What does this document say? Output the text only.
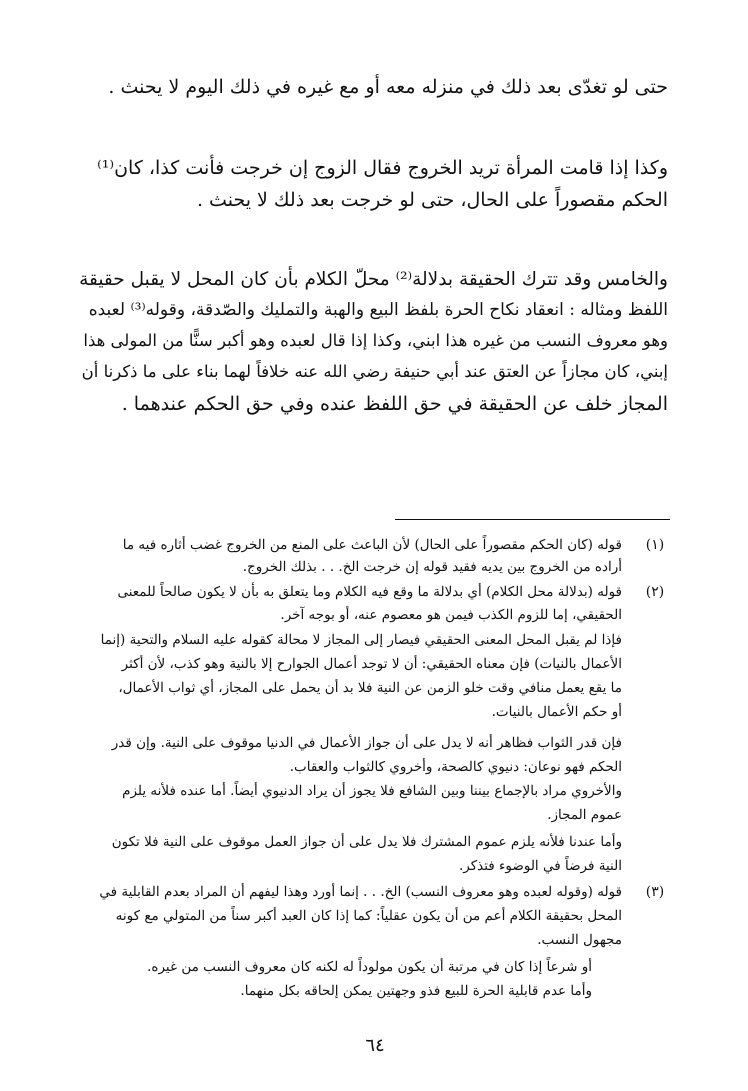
حتى لو تغدّى بعد ذلك في منزله معه أو مع غيره في ذلك اليوم لا يحنث .
وكذا إذا قامت المرأة تريد الخروج فقال الزوج إن خرجت فأنت كذا، كان⁽¹⁾
الحكم مقصوراً على الحال، حتى لو خرجت بعد ذلك لا يحنث .
والخامس وقد تترك الحقيقة بدلالة⁽²⁾ محلّ الكلام بأن كان المحل لا يقبل حقيقة
اللفظ ومثاله : انعقاد نكاح الحرة بلفظ البيع والهبة والتمليك والصّدقة، وقوله⁽³⁾ لعبده
وهو معروف النسب من غيره هذا ابني، وكذا إذا قال لعبده وهو أكبر سنًّا من المولى هذا
إبني، كان مجازاً عن العتق عند أبي حنيفة رضي الله عنه خلافاً لهما بناء على ما ذكرنا أن
المجاز خلف عن الحقيقة في حق اللفظ عنده وفي حق الحكم عندهما .
(١)
قوله (كان الحكم مقصوراً على الحال) لأن الباعث على المنع من الخروج غضب أثاره فيه ما
أراده من الخروج بين يديه فقيد قوله إن خرجت الخ. . . بذلك الخروج.
(٢)
قوله (بدلالة محل الكلام) أي بدلالة ما وقع فيه الكلام وما يتعلق به بأن لا يكون صالحاً للمعنى
الحقيقي، إما للزوم الكذب فيمن هو معصوم عنه، أو بوجه آخر.
فإذا لم يقبل المحل المعنى الحقيقي فيصار إلى المجاز لا محالة كقوله عليه السلام والتحية (إنما
الأعمال بالنيات) فإن معناه الحقيقي: أن لا توجد أعمال الجوارح إلا بالنية وهو كذب، لأن أكثر
ما يقع يعمل منافي وقت خلو الزمن عن النية فلا بد أن يحمل على المجاز، أي ثواب الأعمال،
أو حكم الأعمال بالنيات.
فإن قدر الثواب فظاهر أنه لا يدل على أن جواز الأعمال في الدنيا موقوف على النية. وإن قدر
الحكم فهو نوعان: دنيوي كالصحة، وأخروي كالثواب والعقاب.
والأخروي مراد بالإجماع بيننا وبين الشافع فلا يجوز أن يراد الدنيوي أيضاً. أما عنده فلأنه يلزم
عموم المجاز.
وأما عندنا فلأنه يلزم عموم المشترك فلا يدل على أن جواز العمل موقوف على النية فلا تكون
النية فرضاً في الوضوء فتذكر.
(٣)
قوله (وقوله لعبده وهو معروف النسب) الخ. . . إنما أورد وهذا ليفهم أن المراد بعدم القابلية في
المحل بحقيقة الكلام أعم من أن يكون عقلياً: كما إذا كان العبد أكبر سناً من المتولي مع كونه
مجهول النسب.
أو شرعاً إذا كان في مرتبة أن يكون مولوداً له لكنه كان معروف النسب من غيره.
وأما عدم قابلية الحرة للبيع فذو وجهتين يمكن إلحاقه بكل منهما.
٦٤
